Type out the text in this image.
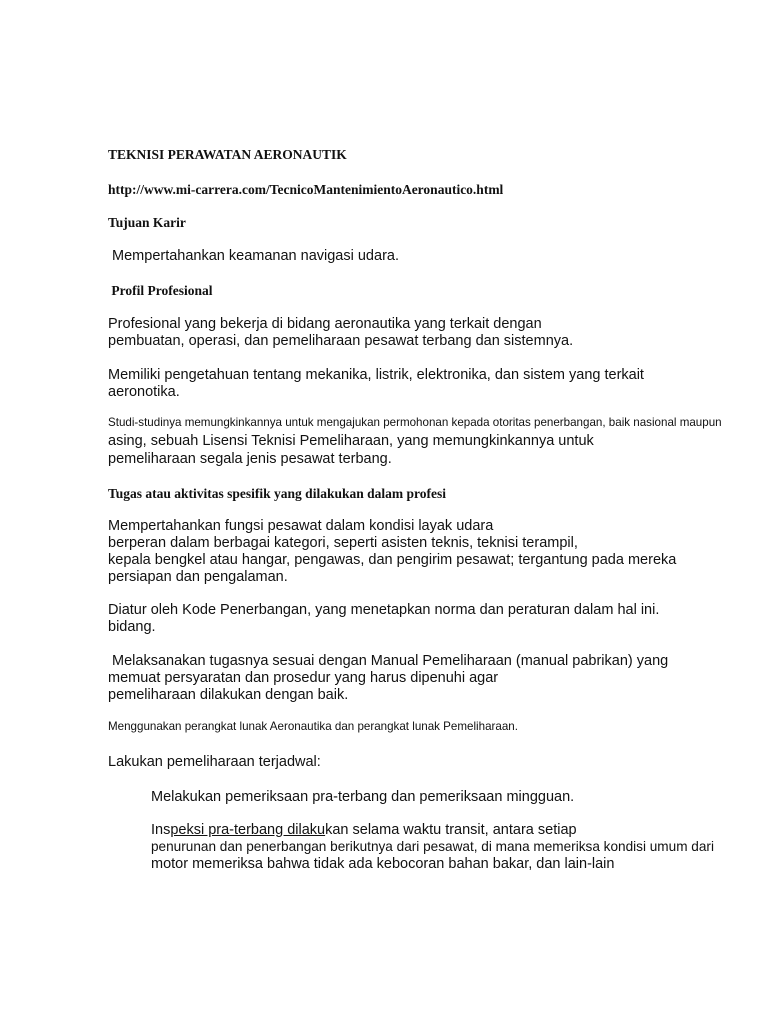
TEKNISI PERAWATAN AERONAUTIK

http://www.mi-carrera.com/TecnicoMantenimientoAeronautico.html

Tujuan Karir

Mempertahankan keamanan navigasi udara.

Profil Profesional

Profesional yang bekerja di bidang aeronautika yang terkait dengan

pembuatan, operasi, dan pemeliharaan pesawat terbang dan sistemnya.

Memiliki pengetahuan tentang mekanika, listrik, elektronika, dan sistem yang terkait

aeronotika.

Studi-studinya memungkinkannya untuk mengajukan permohonan kepada otoritas penerbangan, baik nasional maupun

asing, sebuah Lisensi Teknisi Pemeliharaan, yang memungkinkannya untuk

pemeliharaan segala jenis pesawat terbang.

Tugas atau aktivitas spesifik yang dilakukan dalam profesi

Mempertahankan fungsi pesawat dalam kondisi layak udara

berperan dalam berbagai kategori, seperti asisten teknis, teknisi terampil,

kepala bengkel atau hangar, pengawas, dan pengirim pesawat; tergantung pada mereka

persiapan dan pengalaman.

Diatur oleh Kode Penerbangan, yang menetapkan norma dan peraturan dalam hal ini.

bidang.

Melaksanakan tugasnya sesuai dengan Manual Pemeliharaan (manual pabrikan) yang

memuat persyaratan dan prosedur yang harus dipenuhi agar

pemeliharaan dilakukan dengan baik.

Menggunakan perangkat lunak Aeronautika dan perangkat lunak Pemeliharaan.

Lakukan pemeliharaan terjadwal:

Melakukan pemeriksaan pra-terbang dan pemeriksaan mingguan.

Inspeksi pra-terbang dilakukan selama waktu transit, antara setiap

penurunan dan penerbangan berikutnya dari pesawat, di mana memeriksa kondisi umum dari

motor memeriksa bahwa tidak ada kebocoran bahan bakar, dan lain-lain
